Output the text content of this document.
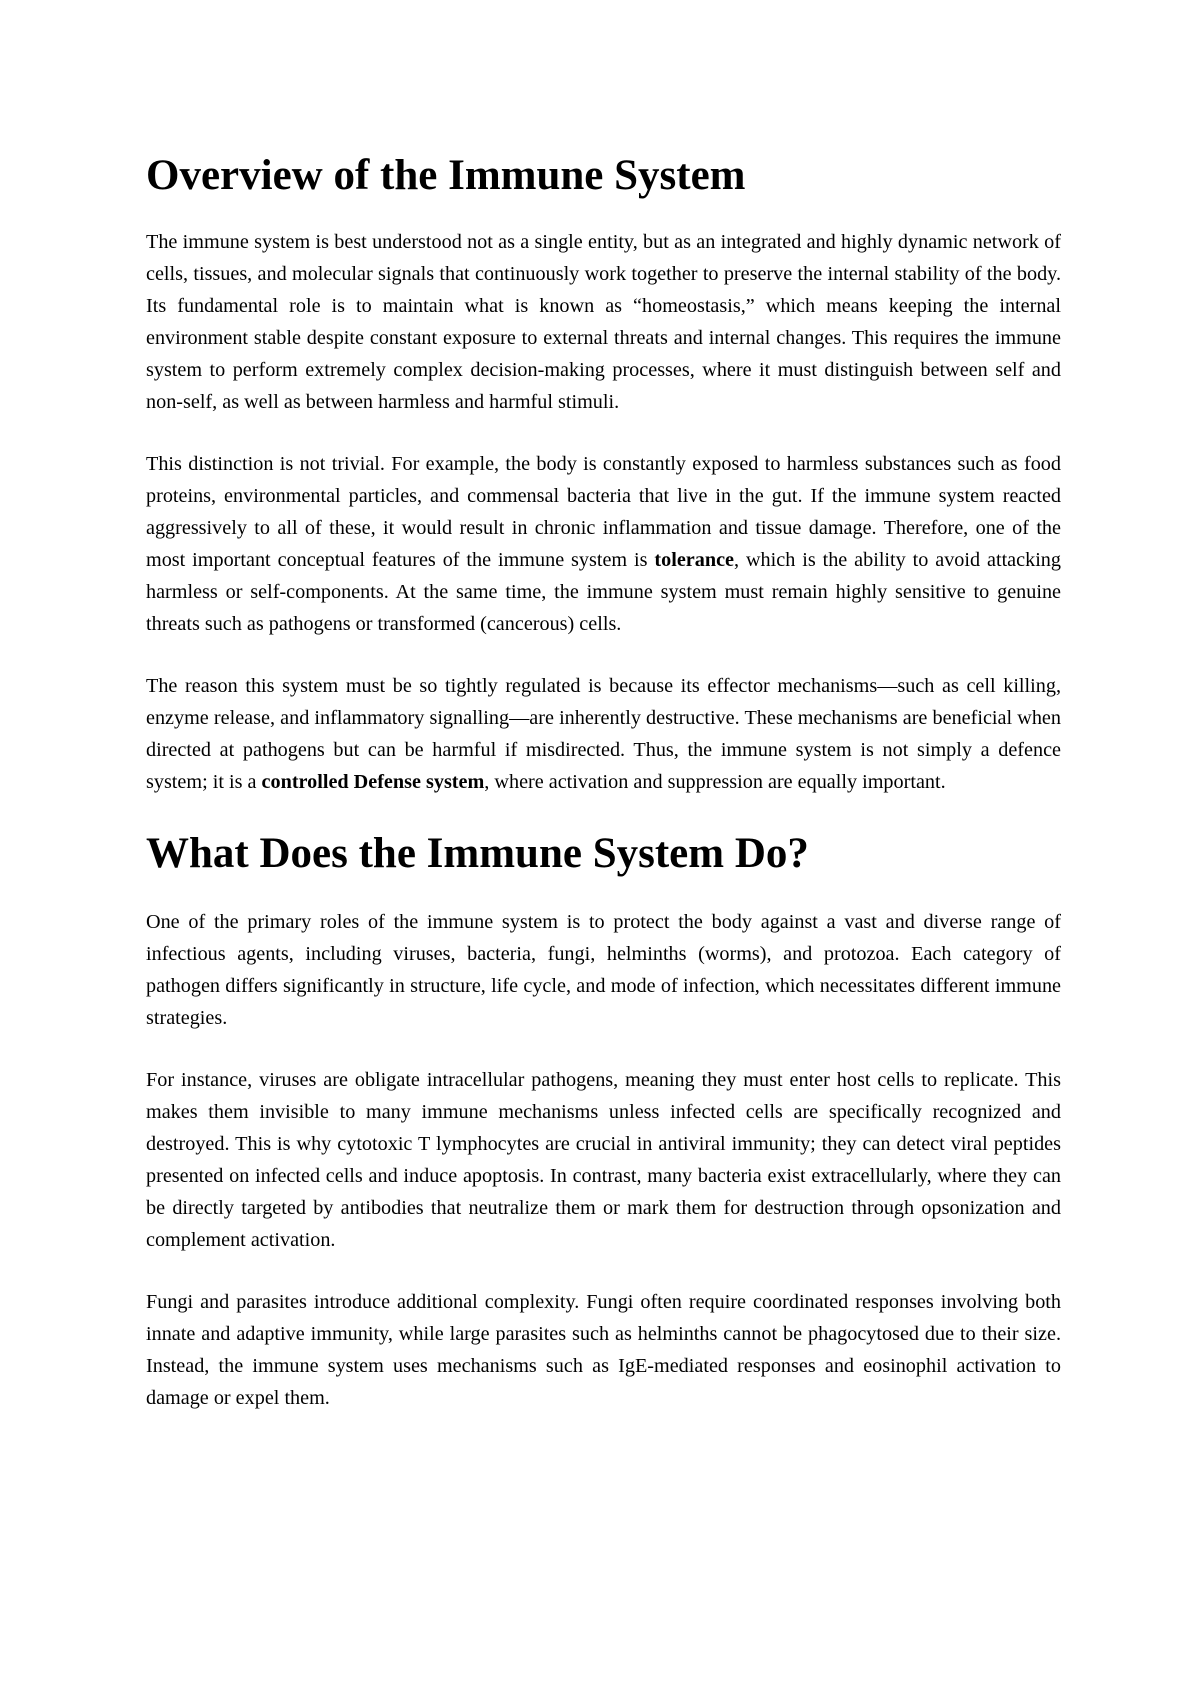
Overview of the Immune System

The immune system is best understood not as a single entity, but as an integrated and highly dynamic network of cells, tissues, and molecular signals that continuously work together to preserve the internal stability of the body. Its fundamental role is to maintain what is known as “homeostasis,” which means keeping the internal environment stable despite constant exposure to external threats and internal changes. This requires the immune system to perform extremely complex decision-making processes, where it must distinguish between self and non-self, as well as between harmless and harmful stimuli.

This distinction is not trivial. For example, the body is constantly exposed to harmless substances such as food proteins, environmental particles, and commensal bacteria that live in the gut. If the immune system reacted aggressively to all of these, it would result in chronic inflammation and tissue damage. Therefore, one of the most important conceptual features of the immune system is tolerance, which is the ability to avoid attacking harmless or self-components. At the same time, the immune system must remain highly sensitive to genuine threats such as pathogens or transformed (cancerous) cells.

The reason this system must be so tightly regulated is because its effector mechanisms—such as cell killing, enzyme release, and inflammatory signalling—are inherently destructive. These mechanisms are beneficial when directed at pathogens but can be harmful if misdirected. Thus, the immune system is not simply a defence system; it is a controlled Defense system, where activation and suppression are equally important.

What Does the Immune System Do?

One of the primary roles of the immune system is to protect the body against a vast and diverse range of infectious agents, including viruses, bacteria, fungi, helminths (worms), and protozoa. Each category of pathogen differs significantly in structure, life cycle, and mode of infection, which necessitates different immune strategies.

For instance, viruses are obligate intracellular pathogens, meaning they must enter host cells to replicate. This makes them invisible to many immune mechanisms unless infected cells are specifically recognized and destroyed. This is why cytotoxic T lymphocytes are crucial in antiviral immunity; they can detect viral peptides presented on infected cells and induce apoptosis. In contrast, many bacteria exist extracellularly, where they can be directly targeted by antibodies that neutralize them or mark them for destruction through opsonization and complement activation.

Fungi and parasites introduce additional complexity. Fungi often require coordinated responses involving both innate and adaptive immunity, while large parasites such as helminths cannot be phagocytosed due to their size. Instead, the immune system uses mechanisms such as IgE-mediated responses and eosinophil activation to damage or expel them.
